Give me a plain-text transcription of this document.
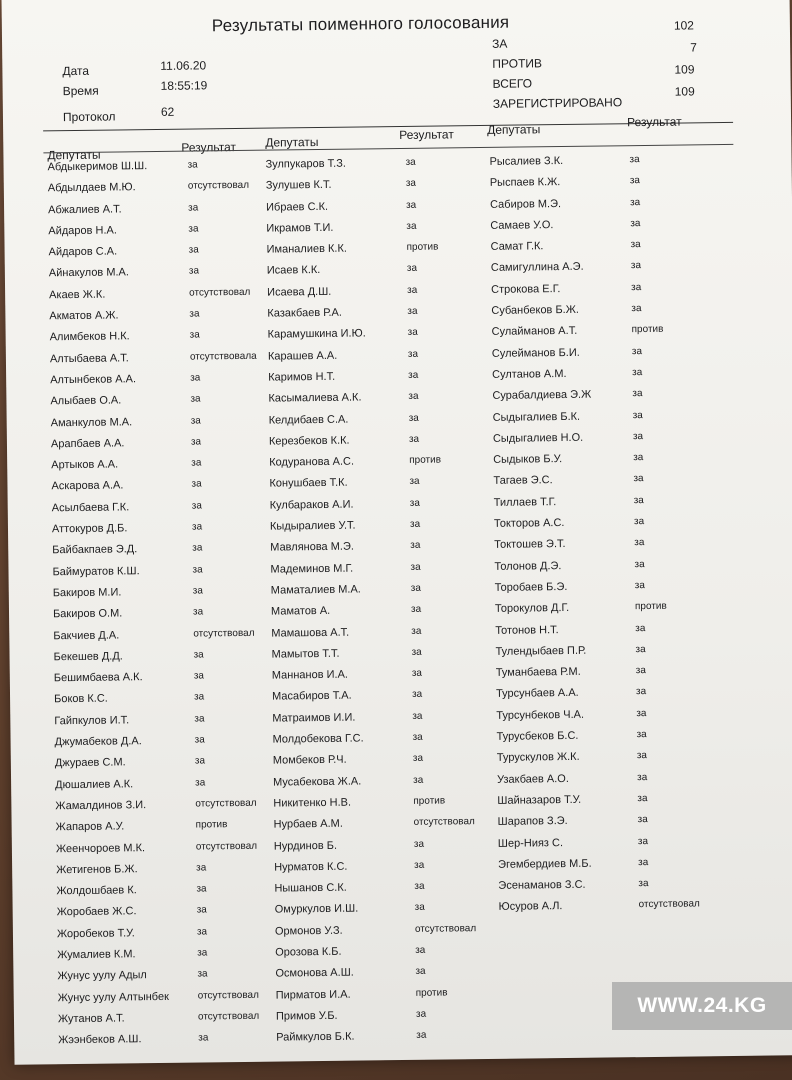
Результаты поименного голосования
Дата	11.06.20
Время	18:55:19
Протокол	62
ЗА
102
ПРОТИВ
7
ВСЕГО
109
ЗАРЕГИСТРИРОВАНО
109
Депутаты
Результат Депутаты
Результат	Депутаты
Результат
Абдыкеримов Ш.Ш.	за
Абдылдаев М.Ю.	отсутствовал
Абжалиев А.Т.	за
Айдаров Н.А.	за
Айдаров С.А.	за
Айнакулов М.А.	за
Акаев Ж.К.	отсутствовал
Акматов А.Ж.	за
Алимбеков Н.К.	за
Алтыбаева А.Т.	отсутствовала
Алтынбеков А.А.	за
Алыбаев О.А.	за
Аманкулов М.А.	за
Арапбаев А.А.	за
Артыков А.А.	за
Аскарова А.А.	за
Асылбаева Г.К.	за
Аттокуров Д.Б.	за
Байбакпаев Э.Д.	за
Баймуратов К.Ш.	за
Бакиров М.И.	за
Бакиров О.М.	за
Бакчиев Д.А.	отсутствовал
Бекешев Д.Д.	за
Бешимбаева А.К.	за
Боков К.С.	за
Гайпкулов И.Т.	за
Джумабеков Д.А.	за
Джураев С.М.	за
Дюшалиев А.К.	за
Жамалдинов З.И.	отсутствовал
Жапаров А.У.	против
Жеенчороев М.К.	отсутствовал
Жетигенов Б.Ж.	за
Жолдошбаев К.	за
Жоробаев Ж.С.	за
Жоробеков Т.У.	за
Жумалиев К.М.	за
Жунус уулу Адыл	за
Жунус уулу Алтынбек	отсутствовал
Жутанов А.Т.	отсутствовал
Жээнбеков А.Ш.	за
Зулпукаров Т.З.	за
Зулушев К.Т.	за
Ибраев С.К.	за
Икрамов Т.И.	за
Иманалиев К.К.	против
Исаев К.К.	за
Исаева Д.Ш.	за
Казакбаев Р.А.	за
Карамушкина И.Ю.	за
Карашев А.А.	за
Каримов Н.Т.	за
Касымалиева А.К.	за
Келдибаев С.А.	за
Керезбеков К.К.	за
Кодуранова А.С.	против
Конушбаев Т.К.	за
Кулбараков А.И.	за
Кыдыралиев У.Т.	за
Мавлянова М.Э.	за
Мадеминов М.Г.	за
Маматалиев М.А.	за
Маматов А.	за
Мамашова А.Т.	за
Мамытов Т.Т.	за
Маннанов И.А.	за
Масабиров Т.А.	за
Матраимов И.И.	за
Молдобекова Г.С.	за
Момбеков Р.Ч.	за
Мусабекова Ж.А.	за
Никитенко Н.В.	против
Нурбаев А.М.	отсутствовал
Нурдинов Б.	за
Нурматов К.С.	за
Нышанов С.К.	за
Омуркулов И.Ш.	за
Ормонов У.З.	отсутствовал
Орозова К.Б.	за
Осмонова А.Ш.	за
Пирматов И.А.	против
Примов У.Б.	за
Раймкулов Б.К.	за
Рысалиев З.К.	за
Рыспаев К.Ж.	за
Сабиров М.Э.	за
Самаев У.О.	за
Самат Г.К.	за
Самигуллина А.Э.	за
Строкова Е.Г.	за
Субанбеков Б.Ж.	за
Сулайманов А.Т.	против
Сулейманов Б.И.	за
Султанов А.М.	за
Сурабалдиева Э.Ж	за
Сыдыгалиев Б.К.	за
Сыдыгалиев Н.О.	за
Сыдыков Б.У.	за
Тагаев Э.С.	за
Тиллаев Т.Г.	за
Токторов А.С.	за
Токтошев Э.Т.	за
Толонов Д.Э.	за
Торобаев Б.Э.	за
Торокулов Д.Г.	против
Тотонов Н.Т.	за
Тулендыбаев П.Р.	за
Туманбаева Р.М.	за
Турсунбаев А.А.	за
Турсунбеков Ч.А.	за
Турусбеков Б.С.	за
Турускулов Ж.К.	за
Узакбаев А.О.	за
Шайназаров Т.У.	за
Шарапов З.Э.	за
Шер-Нияз С.	за
Эгембердиев М.Б.	за
Эсенаманов З.С.	за
Юсуров А.Л.	отсутствовал
WWW.24.KG
